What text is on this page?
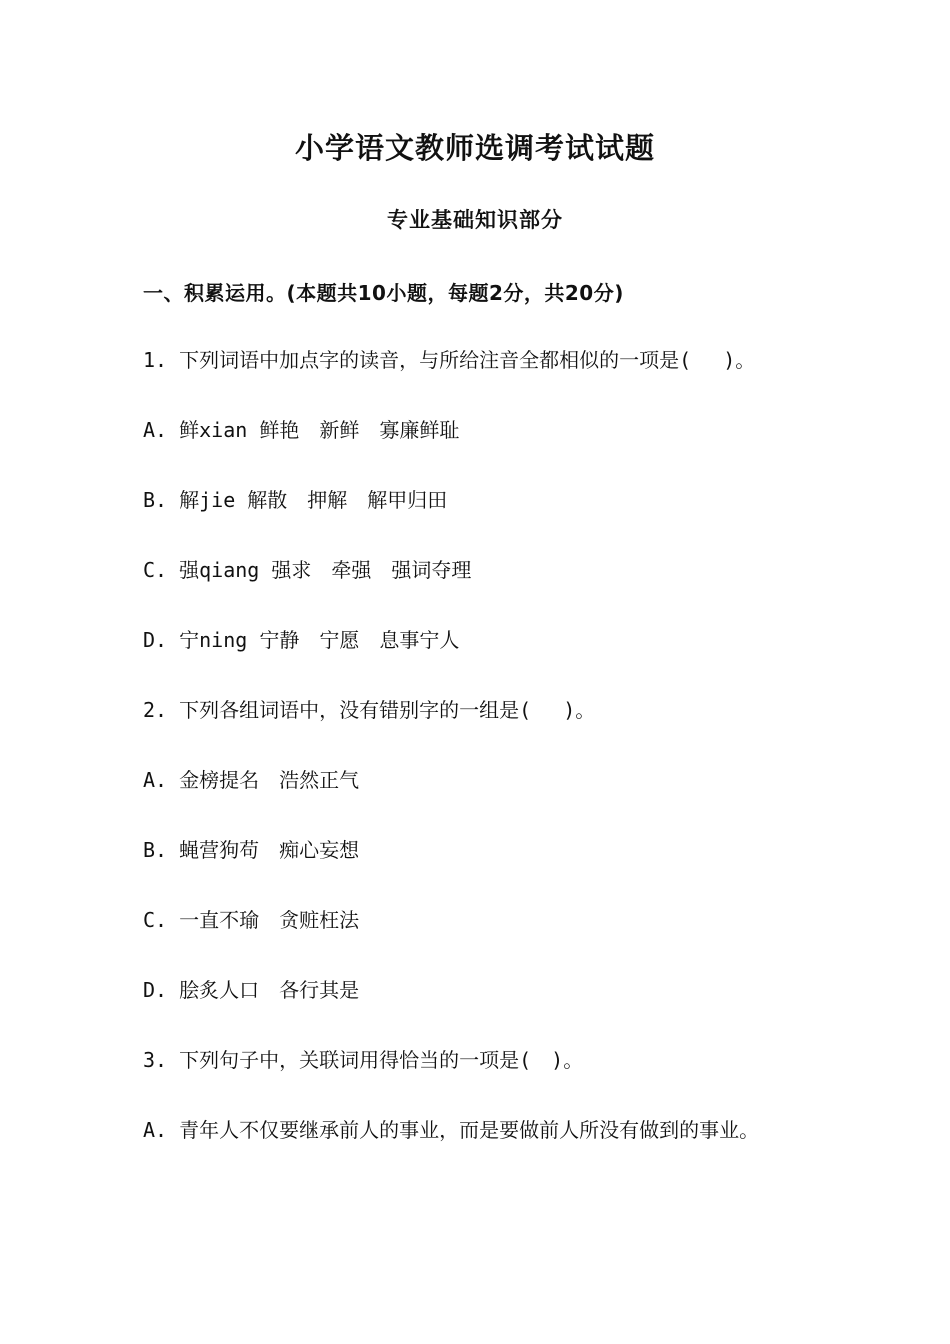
小学语文教师选调考试试题
专业基础知识部分
一、积累运用。(本题共10小题，每题2分，共20分)
1. 下列词语中加点字的读音，与所给注音全都相似的一项是(　 )。
A. 鲜xian 鲜艳　新鲜　寡廉鲜耻
B. 解jie 解散　押解　解甲归田
C. 强qiang 强求　牵强　强词夺理
D. 宁ning 宁静　宁愿　息事宁人
2. 下列各组词语中，没有错别字的一组是(　 )。
A. 金榜提名　浩然正气
B. 蝇营狗苟　痴心妄想
C. 一直不瑜　贪赃枉法
D. 脍炙人口　各行其是
3. 下列句子中，关联词用得恰当的一项是(　)。
A. 青年人不仅要继承前人的事业，而是要做前人所没有做到的事业。
